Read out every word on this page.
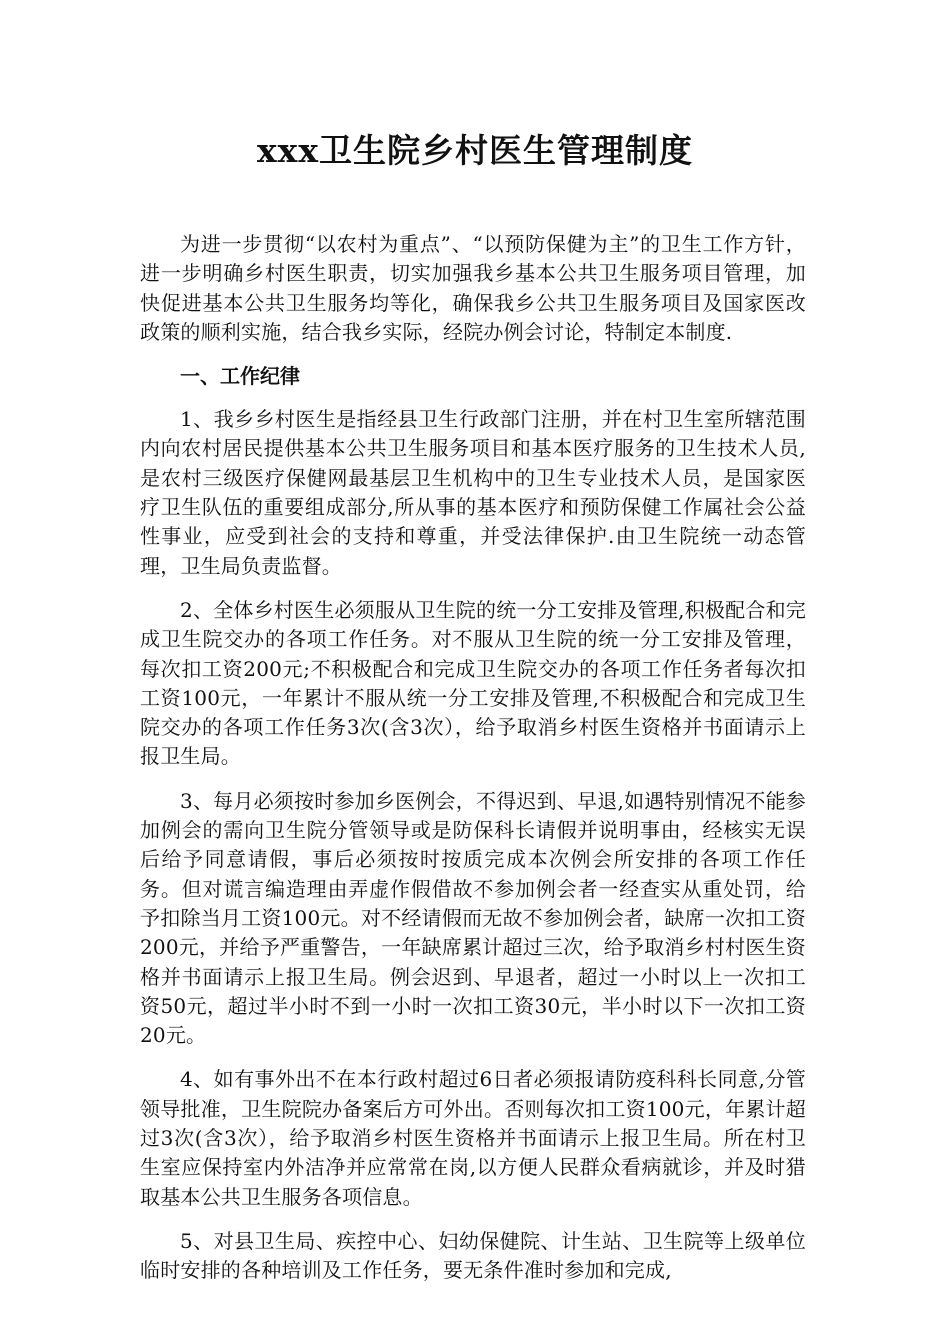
xxx卫生院乡村医生管理制度

为进一步贯彻“以农村为重点”、“以预防保健为主”的卫生工作方针，进一步明确乡村医生职责，切实加强我乡基本公共卫生服务项目管理，加快促进基本公共卫生服务均等化，确保我乡公共卫生服务项目及国家医改政策的顺利实施，结合我乡实际，经院办例会讨论，特制定本制度.

一、工作纪律

1、我乡乡村医生是指经县卫生行政部门注册，并在村卫生室所辖范围内向农村居民提供基本公共卫生服务项目和基本医疗服务的卫生技术人员,是农村三级医疗保健网最基层卫生机构中的卫生专业技术人员，是国家医疗卫生队伍的重要组成部分,所从事的基本医疗和预防保健工作属社会公益性事业，应受到社会的支持和尊重，并受法律保护.由卫生院统一动态管理，卫生局负责监督。

2、全体乡村医生必须服从卫生院的统一分工安排及管理,积极配合和完成卫生院交办的各项工作任务。对不服从卫生院的统一分工安排及管理，每次扣工资200元;不积极配合和完成卫生院交办的各项工作任务者每次扣工资100元，一年累计不服从统一分工安排及管理,不积极配合和完成卫生院交办的各项工作任务3次(含3次），给予取消乡村医生资格并书面请示上报卫生局。

3、每月必须按时参加乡医例会，不得迟到、早退,如遇特别情况不能参加例会的需向卫生院分管领导或是防保科长请假并说明事由，经核实无误后给予同意请假，事后必须按时按质完成本次例会所安排的各项工作任务。但对谎言编造理由弄虚作假借故不参加例会者一经查实从重处罚，给予扣除当月工资100元。对不经请假而无故不参加例会者，缺席一次扣工资200元，并给予严重警告，一年缺席累计超过三次，给予取消乡村村医生资格并书面请示上报卫生局。例会迟到、早退者，超过一小时以上一次扣工资50元，超过半小时不到一小时一次扣工资30元，半小时以下一次扣工资20元。

4、如有事外出不在本行政村超过6日者必须报请防疫科科长同意,分管领导批准，卫生院院办备案后方可外出。否则每次扣工资100元，年累计超过3次(含3次），给予取消乡村医生资格并书面请示上报卫生局。所在村卫生室应保持室内外洁净并应常常在岗,以方便人民群众看病就诊，并及时猎取基本公共卫生服务各项信息。

5、对县卫生局、疾控中心、妇幼保健院、计生站、卫生院等上级单位临时安排的各种培训及工作任务，要无条件准时参加和完成,
